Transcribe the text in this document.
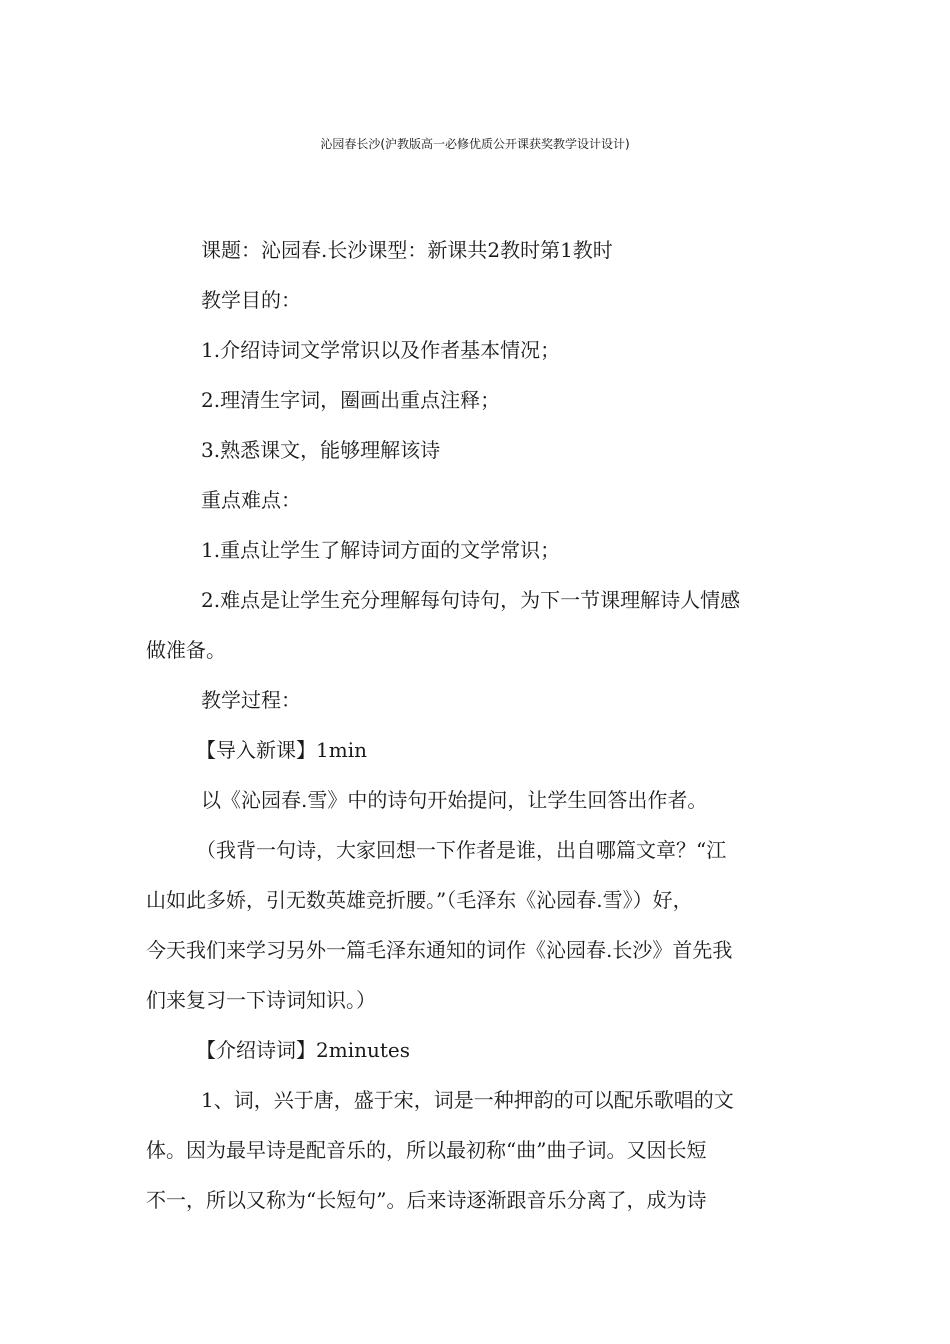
沁园春长沙(沪教版高一必修优质公开课获奖教学设计设计)
课题：沁园春.长沙课型：新课共2教时第1教时
教学目的：
1.介绍诗词文学常识以及作者基本情况；
2.理清生字词，圈画出重点注释；
3.熟悉课文，能够理解该诗
重点难点：
1.重点让学生了解诗词方面的文学常识；
2.难点是让学生充分理解每句诗句，为下一节课理解诗人情感
做准备。
教学过程：
【导入新课】1min
以《沁园春.雪》中的诗句开始提问，让学生回答出作者。
（我背一句诗，大家回想一下作者是谁，出自哪篇文章？“江
山如此多娇，引无数英雄竞折腰。”（毛泽东《沁园春.雪》）好，
今天我们来学习另外一篇毛泽东通知的词作《沁园春.长沙》首先我
们来复习一下诗词知识。）
【介绍诗词】2minutes
1、词，兴于唐，盛于宋，词是一种押韵的可以配乐歌唱的文
体。因为最早诗是配音乐的，所以最初称“曲”曲子词。又因长短
不一，所以又称为“长短句”。后来诗逐渐跟音乐分离了，成为诗
